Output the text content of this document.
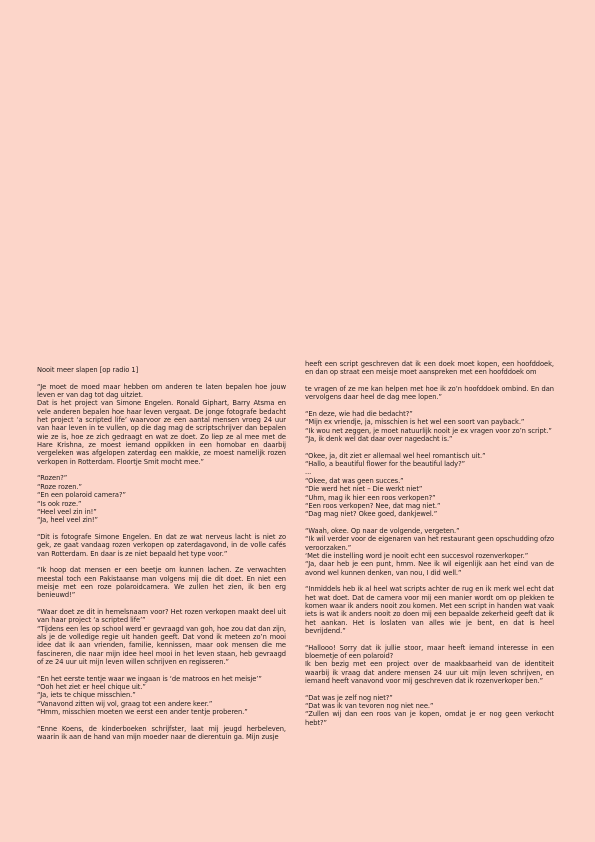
Nooit meer slapen [op radio 1]

“Je moet de moed maar hebben om anderen te laten bepalen hoe jouw leven er van dag tot dag uitziet.
Dat is het project van Simone Engelen. Ronald Giphart, Barry Atsma en vele anderen bepalen hoe haar leven vergaat. De jonge fotografe bedacht het project ‘a scripted life’ waarvoor ze een aantal mensen vroeg 24 uur van haar leven in te vullen, op die dag mag de scriptschrijver dan bepalen wie ze is, hoe ze zich gedraagt en wat ze doet. Zo liep ze al mee met de Hare Krishna, ze moest iemand oppikken in een homobar en daarbij vergeleken was afgelopen zaterdag een makkie, ze moest namelijk rozen verkopen in Rotterdam. Floortje Smit mocht mee.”

“Rozen?”
“Roze rozen.”
“En een polaroid camera?”
“Is ook roze.”
“Heel veel zin in!”
“Ja, heel veel zin!”

“Dit is fotografe Simone Engelen. En dat ze wat nerveus lacht is niet zo gek, ze gaat vandaag rozen verkopen op zaterdagavond, in de volle cafés van Rotterdam. En daar is ze niet bepaald het type voor.”

“Ik hoop dat mensen er een beetje om kunnen lachen. Ze verwachten meestal toch een Pakistaanse man volgens mij die dit doet. En niet een meisje met een roze polaroidcamera. We zullen het zien, ik ben erg benieuwd!”

“Waar doet ze dit in hemelsnaam voor? Het rozen verkopen maakt deel uit van haar project ‘a scripted life’”
“Tijdens een les op school werd er gevraagd van goh, hoe zou dat dan zijn, als je de volledige regie uit handen geeft. Dat vond ik meteen zo’n mooi idee dat ik aan vrienden, familie, kennissen, maar ook mensen die me fascineren, die naar mijn idee heel mooi in het leven staan, heb gevraagd of ze 24 uur uit mijn leven willen schrijven en regisseren.”

“En het eerste tentje waar we ingaan is ‘de matroos en het meisje’”
“Ooh het ziet er heel chique uit.”
“Ja, iets te chique misschien.”
“Vanavond zitten wij vol, graag tot een andere keer.”
“Hmm, misschien moeten we eerst een ander tentje proberen.”

“Enne Koens, de kinderboeken schrijfster, laat mij jeugd herbeleven, waarin ik aan de hand van mijn moeder naar de dierentuin ga. Mijn zusje

heeft een script geschreven dat ik een doek moet kopen, een hoofddoek, en dan op straat een meisje moet aanspreken met een hoofddoek om

te vragen of ze me kan helpen met hoe ik zo’n hoofddoek ombind. En dan vervolgens daar heel de dag mee lopen.”

“En deze, wie had die bedacht?”
“Mijn ex vriendje, ja, misschien is het wel een soort van payback.”
“Ik wou net zeggen, je moet natuurlijk nooit je ex vragen voor zo’n script.”
“Ja, ik denk wel dat daar over nagedacht is.”

“Okee, ja, dit ziet er allemaal wel heel romantisch uit.”
“Hallo, a beautiful flower for the beautiful lady?”
...
“Okee, dat was geen succes.”
“Die werd het niet – Die werkt niet”
“Uhm, mag ik hier een roos verkopen?”
“Een roos verkopen? Nee, dat mag niet.”
“Dag mag niet? Okee goed, dankjewel.”

“Waah, okee. Op naar de volgende, vergeten.”
“Ik wil verder voor de eigenaren van het restaurant geen opschudding ofzo veroorzaken.”
‘Met die instelling word je nooit echt een succesvol rozenverkoper.”
“Ja, daar heb je een punt, hmm. Nee ik wil eigenlijk aan het eind van de avond wel kunnen denken, van nou, I did well.”

“Inmiddels heb ik al heel wat scripts achter de rug en ik merk wel echt dat het wat doet. Dat de camera voor mij een manier wordt om op plekken te komen waar ik anders nooit zou komen. Met een script in handen wat vaak iets is wat ik anders nooit zo doen mij een bepaalde zekerheid geeft dat ik het aankan. Het is loslaten van alles wie je bent, en dat is heel bevrijdend.”

“Hallooo! Sorry dat ik jullie stoor, maar heeft iemand interesse in een bloemetje of een polaroid?
Ik ben bezig met een project over de maakbaarheid van de identiteit waarbij ik vraag dat andere mensen 24 uur uit mijn leven schrijven, en iemand heeft vanavond voor mij geschreven dat ik rozenverkoper ben.”

“Dat was je zelf nog niet?”
“Dat was ik van tevoren nog niet nee.”
“Zullen wij dan een roos van je kopen, omdat je er nog geen verkocht hebt?”
